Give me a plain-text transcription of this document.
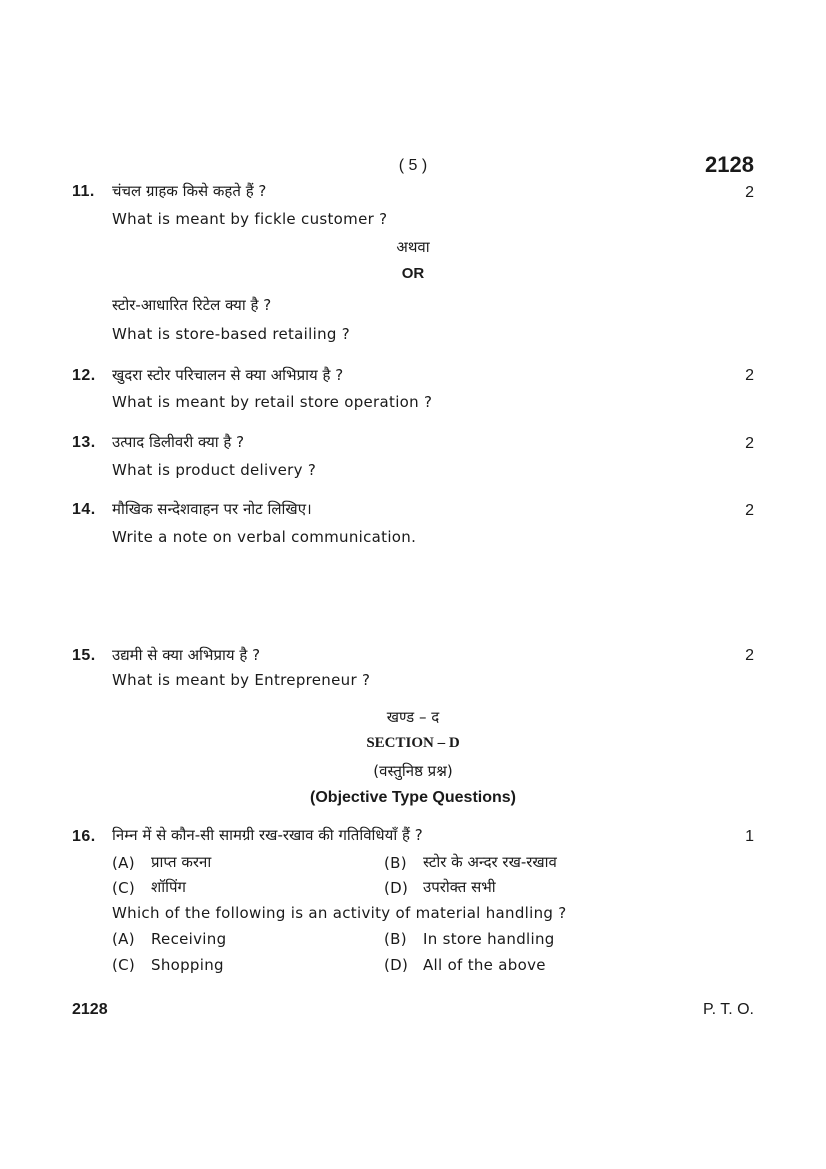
( 5 )	2128
11. चंचल ग्राहक किसे कहते हैं ?	2
What is meant by fickle customer ?
अथवा
OR
स्टोर-आधारित रिटेल क्या है ?
What is store-based retailing ?
12. खुदरा स्टोर परिचालन से क्या अभिप्राय है ?	2
What is meant by retail store operation ?
13. उत्पाद डिलीवरी क्या है ?	2
What is product delivery ?
14. मौखिक सन्देशवाहन पर नोट लिखिए।	2
Write a note on verbal communication.
15. उद्यमी से क्या अभिप्राय है ?	2
What is meant by Entrepreneur ?
खण्ड – द
SECTION – D
(वस्तुनिष्ठ प्रश्न)
(Objective Type Questions)
16. निम्न में से कौन-सी सामग्री रख-रखाव की गतिविधियाँ हैं ?	1
(A) प्राप्त करना	(B) स्टोर के अन्दर रख-रखाव
(C) शॉपिंग	(D) उपरोक्त सभी
Which of the following is an activity of material handling ?
(A) Receiving	(B) In store handling
(C) Shopping	(D) All of the above
2128	P. T. O.
